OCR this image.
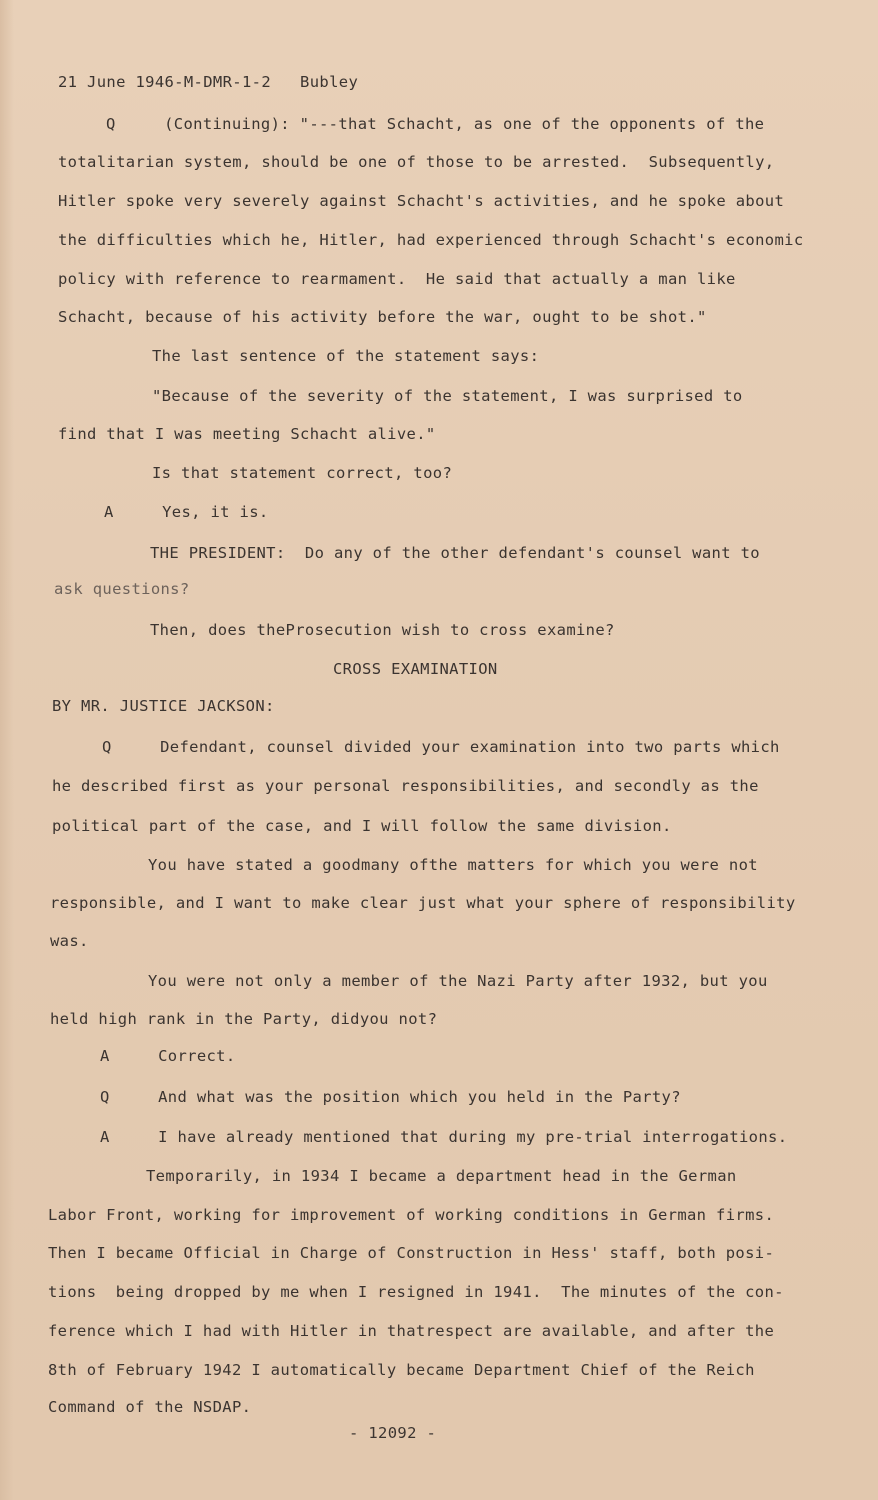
21 June 1946-M-DMR-1-2   Bubley
Q     (Continuing): "---that Schacht, as one of the opponents of the
totalitarian system, should be one of those to be arrested.  Subsequently,
Hitler spoke very severely against Schacht's activities, and he spoke about
the difficulties which he, Hitler, had experienced through Schacht's economic
policy with reference to rearmament.  He said that actually a man like
Schacht, because of his activity before the war, ought to be shot."
The last sentence of the statement says:
"Because of the severity of the statement, I was surprised to
find that I was meeting Schacht alive."
Is that statement correct, too?
A     Yes, it is.
THE PRESIDENT:  Do any of the other defendant's counsel want to
ask questions?
Then, does theProsecution wish to cross examine?
CROSS EXAMINATION
BY MR. JUSTICE JACKSON:
Q     Defendant, counsel divided your examination into two parts which
he described first as your personal responsibilities, and secondly as the
political part of the case, and I will follow the same division.
You have stated a goodmany ofthe matters for which you were not
responsible, and I want to make clear just what your sphere of responsibility
was.
You were not only a member of the Nazi Party after 1932, but you
held high rank in the Party, didyou not?
A     Correct.
Q     And what was the position which you held in the Party?
A     I have already mentioned that during my pre-trial interrogations.
Temporarily, in 1934 I became a department head in the German
Labor Front, working for improvement of working conditions in German firms.
Then I became Official in Charge of Construction in Hess' staff, both posi-
tions  being dropped by me when I resigned in 1941.  The minutes of the con-
ference which I had with Hitler in thatrespect are available, and after the
8th of February 1942 I automatically became Department Chief of the Reich
Command of the NSDAP.
- 12092 -
